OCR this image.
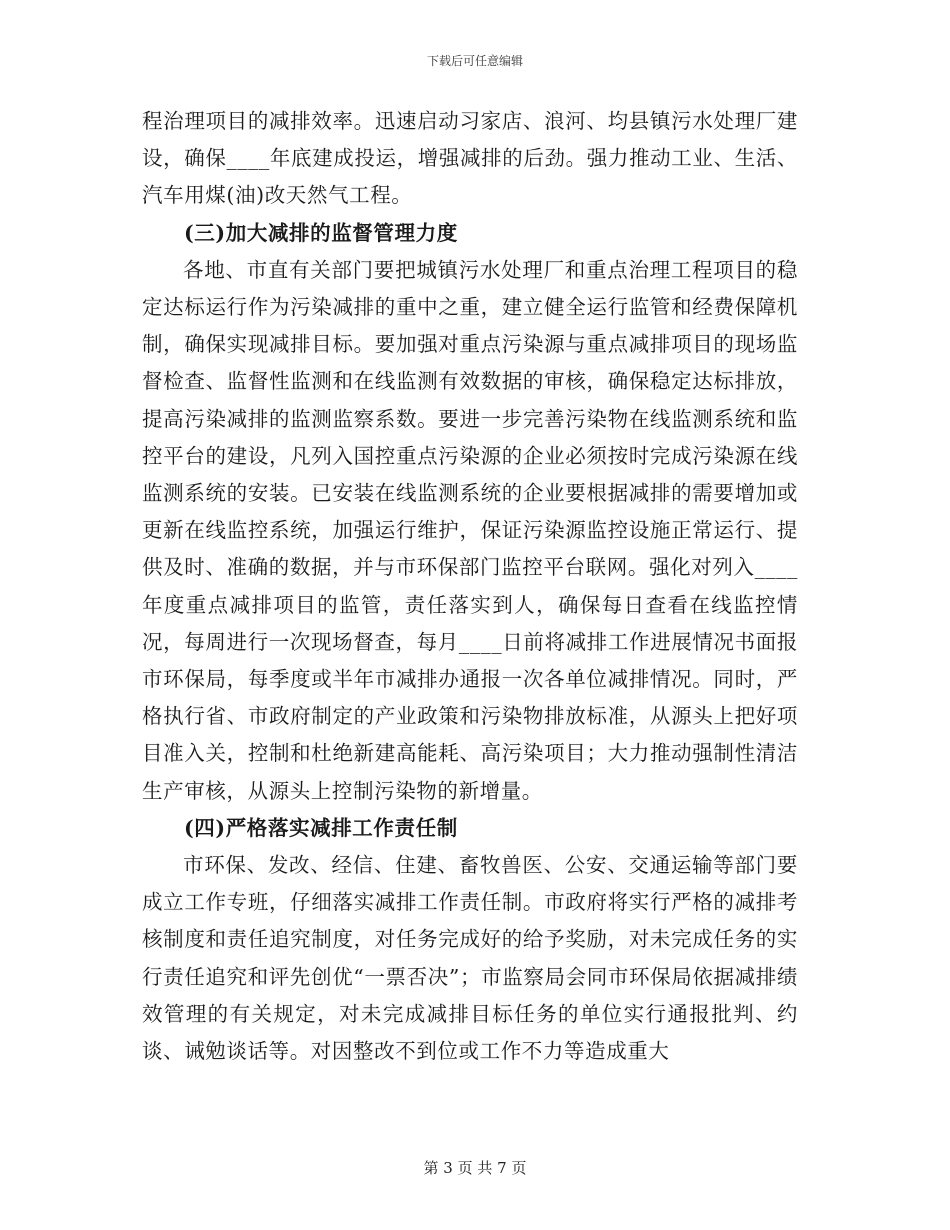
下载后可任意编辑

程治理项目的减排效率。迅速启动习家店、浪河、均县镇污水处理厂建设，确保____年底建成投运，增强减排的后劲。强力推动工业、生活、汽车用煤(油)改天然气工程。

(三)加大减排的监督管理力度

各地、市直有关部门要把城镇污水处理厂和重点治理工程项目的稳定达标运行作为污染减排的重中之重，建立健全运行监管和经费保障机制，确保实现减排目标。要加强对重点污染源与重点减排项目的现场监督检查、监督性监测和在线监测有效数据的审核，确保稳定达标排放，提高污染减排的监测监察系数。要进一步完善污染物在线监测系统和监控平台的建设，凡列入国控重点污染源的企业必须按时完成污染源在线监测系统的安装。已安装在线监测系统的企业要根据减排的需要增加或更新在线监控系统，加强运行维护，保证污染源监控设施正常运行、提供及时、准确的数据，并与市环保部门监控平台联网。强化对列入____年度重点减排项目的监管，责任落实到人，确保每日查看在线监控情况，每周进行一次现场督查，每月____日前将减排工作进展情况书面报市环保局，每季度或半年市减排办通报一次各单位减排情况。同时，严格执行省、市政府制定的产业政策和污染物排放标准，从源头上把好项目准入关，控制和杜绝新建高能耗、高污染项目；大力推动强制性清洁生产审核，从源头上控制污染物的新增量。

(四)严格落实减排工作责任制

市环保、发改、经信、住建、畜牧兽医、公安、交通运输等部门要成立工作专班，仔细落实减排工作责任制。市政府将实行严格的减排考核制度和责任追究制度，对任务完成好的给予奖励，对未完成任务的实行责任追究和评先创优“一票否决”；市监察局会同市环保局依据减排绩效管理的有关规定，对未完成减排目标任务的单位实行通报批判、约谈、诫勉谈话等。对因整改不到位或工作不力等造成重大

第 3 页 共 7 页
